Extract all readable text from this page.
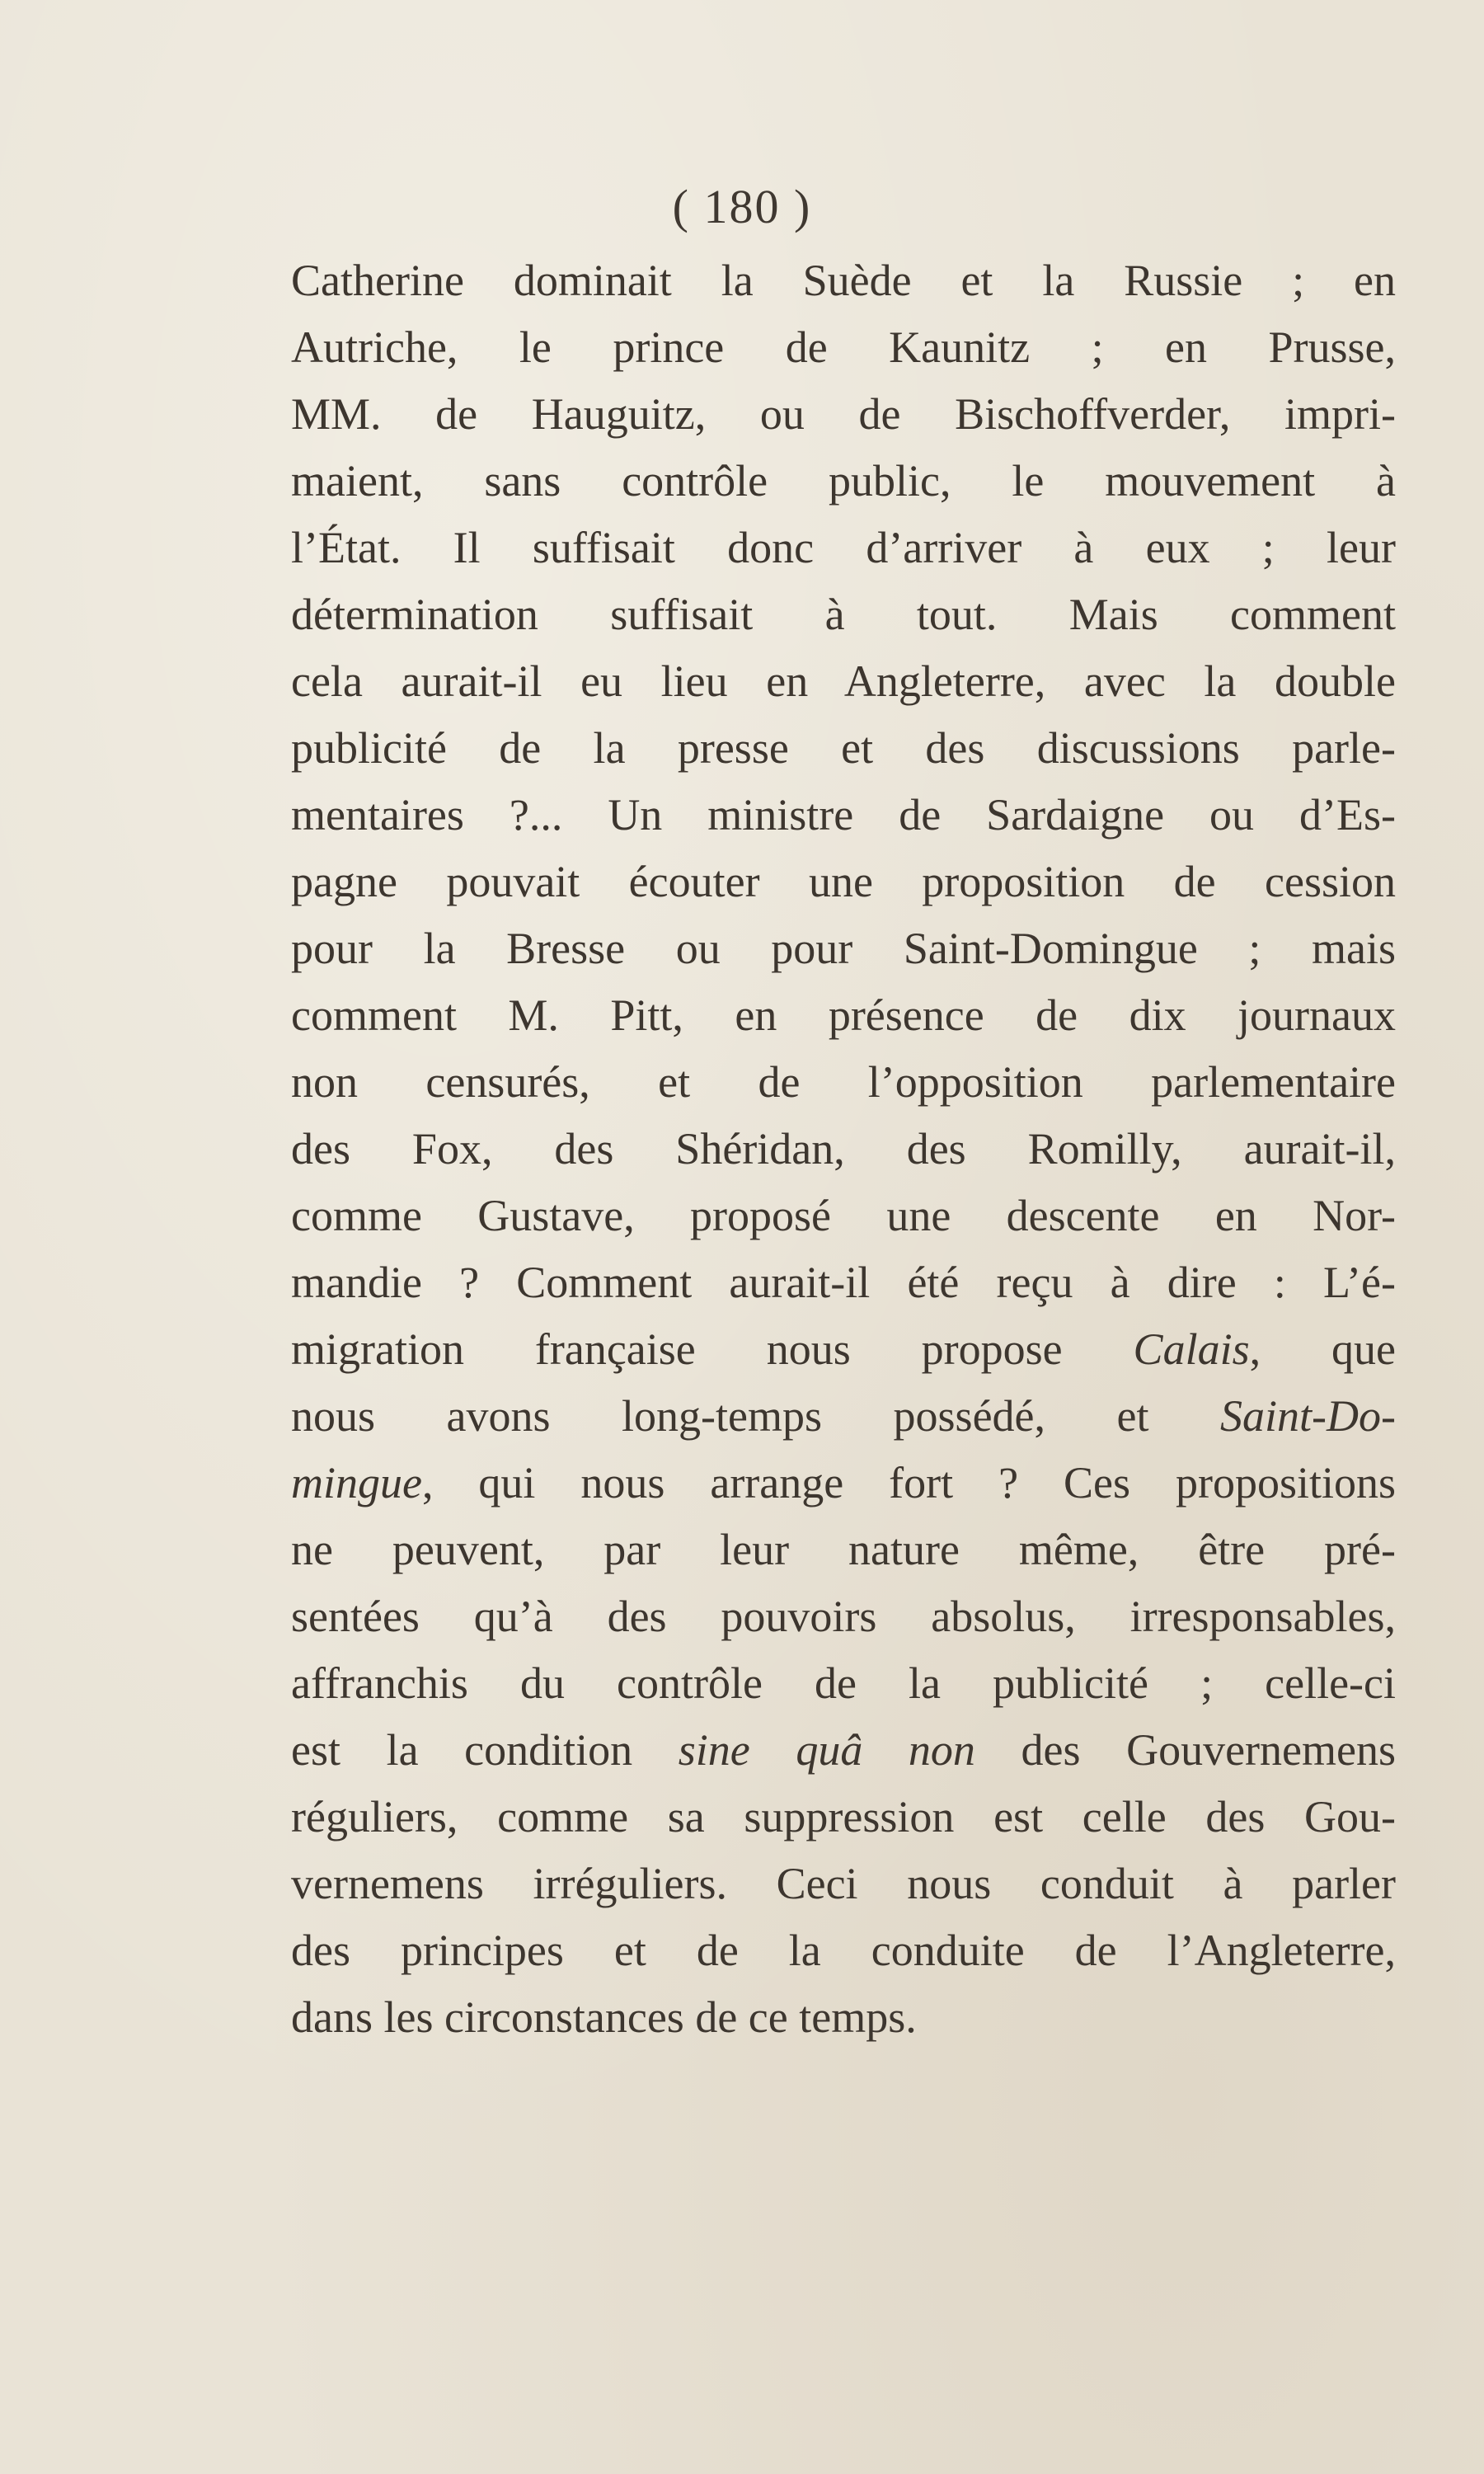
( 180 )
Catherine dominait la Suède et la Russie ; en
Autriche, le prince de Kaunitz ; en Prusse,
MM. de Hauguitz, ou de Bischoffverder, impri-
maient, sans contrôle public, le mouvement à
l’État. Il suffisait donc d’arriver à eux ; leur
détermination suffisait à tout. Mais comment
cela aurait-il eu lieu en Angleterre, avec la double
publicité de la presse et des discussions parle-
mentaires ?... Un ministre de Sardaigne ou d’Es-
pagne pouvait écouter une proposition de cession
pour la Bresse ou pour Saint-Domingue ; mais
comment M. Pitt, en présence de dix journaux
non censurés, et de l’opposition parlementaire
des Fox, des Shéridan, des Romilly, aurait-il,
comme Gustave, proposé une descente en Nor-
mandie ? Comment aurait-il été reçu à dire : L’é-
migration française nous propose Calais, que
nous avons long-temps possédé, et Saint-Do-
mingue, qui nous arrange fort ? Ces propositions
ne peuvent, par leur nature même, être pré-
sentées qu’à des pouvoirs absolus, irresponsables,
affranchis du contrôle de la publicité ; celle-ci
est la condition sine quâ non des Gouvernemens
réguliers, comme sa suppression est celle des Gou-
vernemens irréguliers. Ceci nous conduit à parler
des principes et de la conduite de l’Angleterre,
dans les circonstances de ce temps.
